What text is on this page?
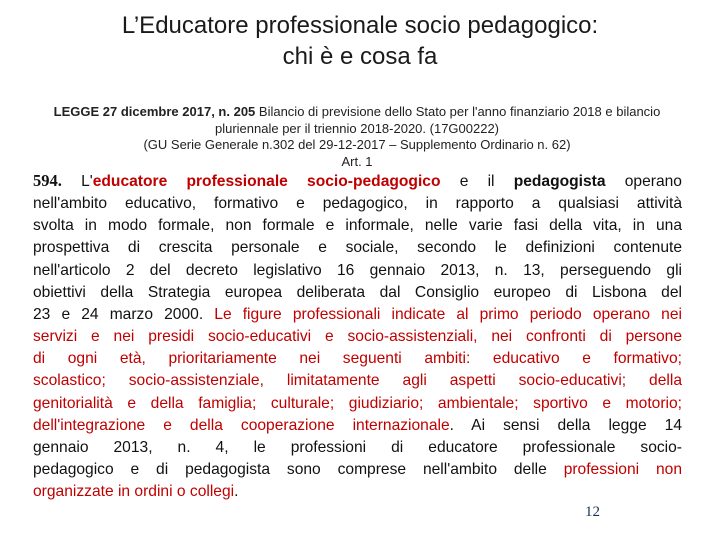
L’Educatore professionale socio pedagogico:
chi è e cosa fa
LEGGE 27 dicembre 2017, n. 205 Bilancio di previsione dello Stato per l'anno finanziario 2018 e bilancio
pluriennale per il triennio 2018-2020. (17G00222)
(GU Serie Generale n.302 del 29-12-2017 – Supplemento Ordinario n. 62)
Art. 1
594. L'educatore professionale socio-pedagogico e il pedagogista operano
nell'ambito educativo, formativo e pedagogico, in rapporto a qualsiasi attività
svolta in modo formale, non formale e informale, nelle varie fasi della vita, in una
prospettiva di crescita personale e sociale, secondo le definizioni contenute
nell'articolo 2 del decreto legislativo 16 gennaio 2013, n. 13, perseguendo gli
obiettivi della Strategia europea deliberata dal Consiglio europeo di Lisbona del
23 e 24 marzo 2000. Le figure professionali indicate al primo periodo operano nei
servizi e nei presidi socio-educativi e socio-assistenziali, nei confronti di persone
di ogni età, prioritariamente nei seguenti ambiti: educativo e formativo;
scolastico; socio-assistenziale, limitatamente agli aspetti socio-educativi; della
genitorialità e della famiglia; culturale; giudiziario; ambientale; sportivo e motorio;
dell'integrazione e della cooperazione internazionale. Ai sensi della legge 14
gennaio 2013, n. 4, le professioni di educatore professionale socio-
pedagogico e di pedagogista sono comprese nell'ambito delle professioni non
organizzate in ordini o collegi.
12
